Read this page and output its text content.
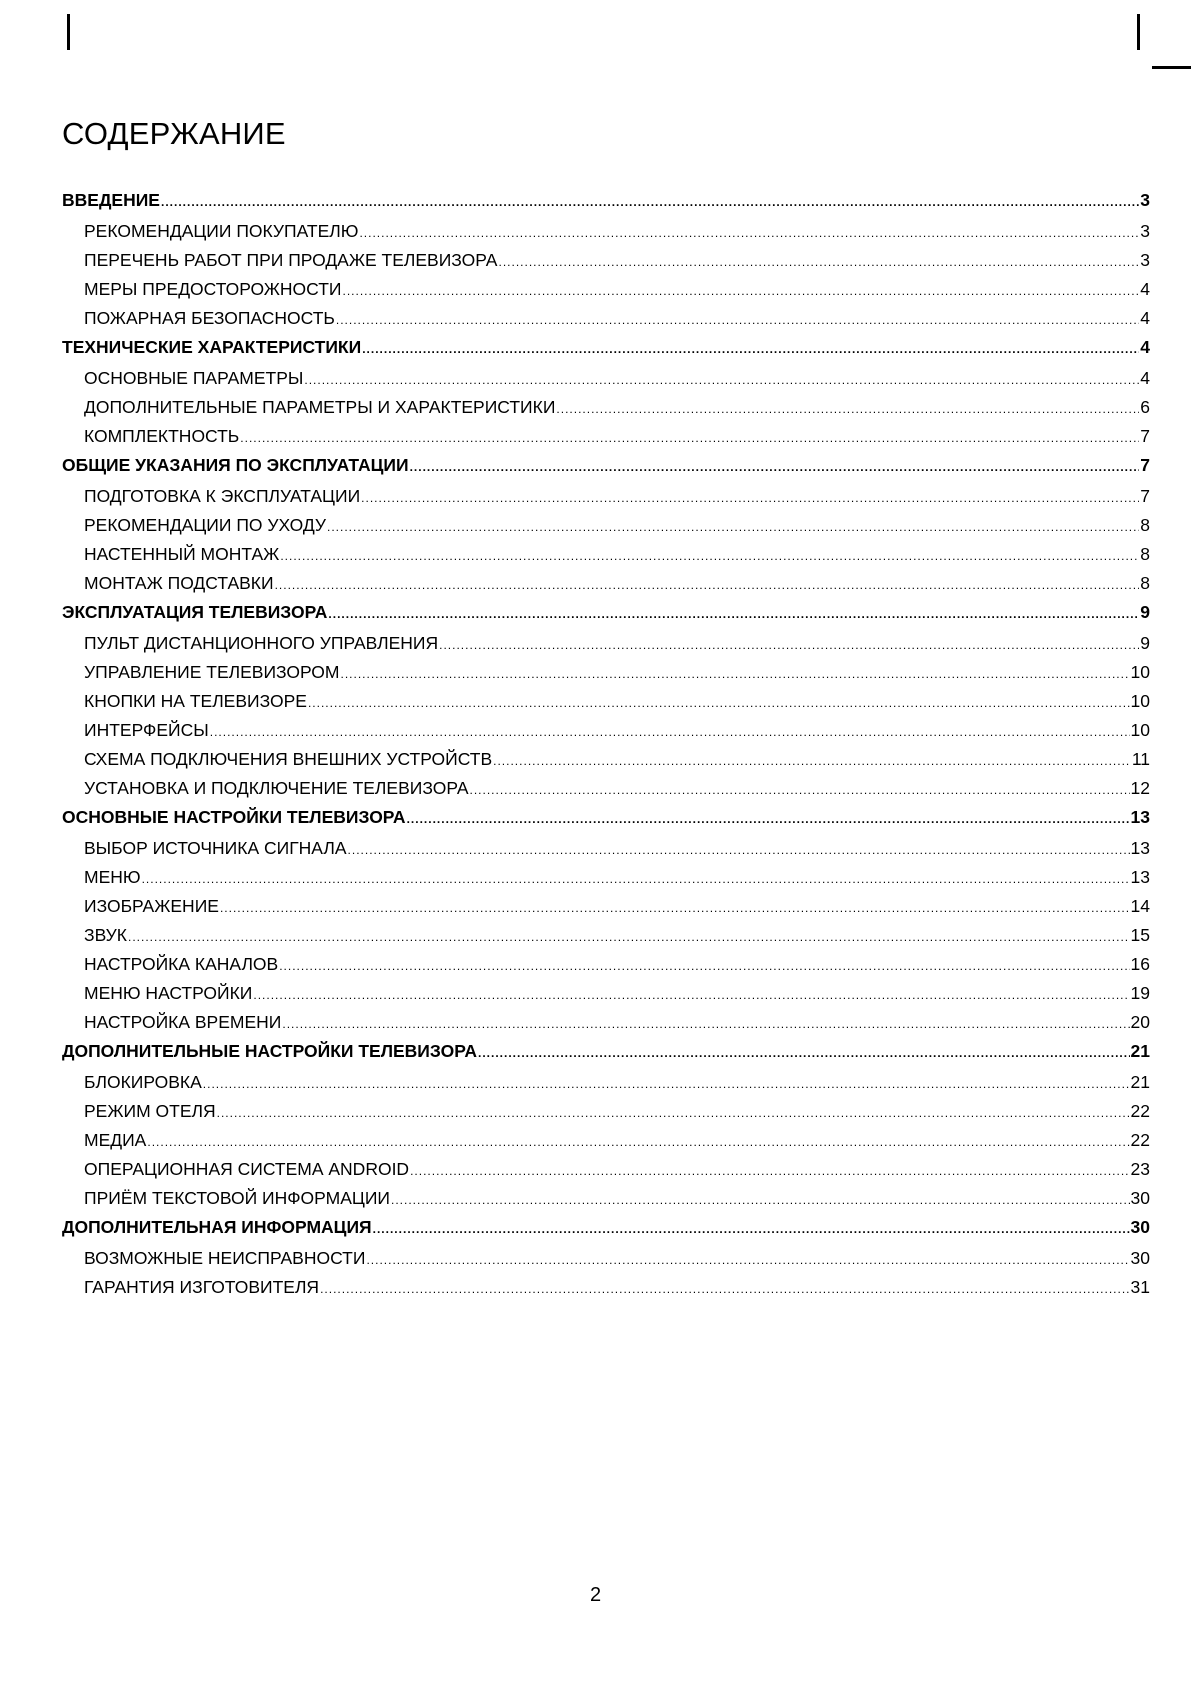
СОДЕРЖАНИЕ
ВВЕДЕНИЕ .....	3
РЕКОМЕНДАЦИИ ПОКУПАТЕЛЮ .....	3
ПЕРЕЧЕНЬ РАБОТ ПРИ ПРОДАЖЕ ТЕЛЕВИЗОРА .....	3
МЕРЫ ПРЕДОСТОРОЖНОСТИ .....	4
ПОЖАРНАЯ БЕЗОПАСНОСТЬ .....	4
ТЕХНИЧЕСКИЕ ХАРАКТЕРИСТИКИ .....	4
ОСНОВНЫЕ ПАРАМЕТРЫ .....	4
ДОПОЛНИТЕЛЬНЫЕ ПАРАМЕТРЫ И ХАРАКТЕРИСТИКИ .....	6
КОМПЛЕКТНОСТЬ .....	7
ОБЩИЕ УКАЗАНИЯ ПО ЭКСПЛУАТАЦИИ .....	7
ПОДГОТОВКА К ЭКСПЛУАТАЦИИ .....	7
РЕКОМЕНДАЦИИ ПО УХОДУ .....	8
НАСТЕННЫЙ МОНТАЖ .....	8
МОНТАЖ ПОДСТАВКИ .....	8
ЭКСПЛУАТАЦИЯ ТЕЛЕВИЗОРА .....	9
ПУЛЬТ ДИСТАНЦИОННОГО УПРАВЛЕНИЯ .....	9
УПРАВЛЕНИЕ ТЕЛЕВИЗОРОМ .....	10
КНОПКИ НА ТЕЛЕВИЗОРЕ .....	10
ИНТЕРФЕЙСЫ .....	10
СХЕМА ПОДКЛЮЧЕНИЯ ВНЕШНИХ УСТРОЙСТВ .....	11
УСТАНОВКА И ПОДКЛЮЧЕНИЕ ТЕЛЕВИЗОРА .....	12
ОСНОВНЫЕ НАСТРОЙКИ ТЕЛЕВИЗОРА .....	13
ВЫБОР ИСТОЧНИКА СИГНАЛА .....	13
МЕНЮ .....	13
ИЗОБРАЖЕНИЕ .....	14
ЗВУК .....	15
НАСТРОЙКА КАНАЛОВ .....	16
МЕНЮ НАСТРОЙКИ .....	19
НАСТРОЙКА ВРЕМЕНИ .....	20
ДОПОЛНИТЕЛЬНЫЕ НАСТРОЙКИ ТЕЛЕВИЗОРА .....	21
БЛОКИРОВКА .....	21
РЕЖИМ ОТЕЛЯ .....	22
МЕДИА .....	22
ОПЕРАЦИОННАЯ СИСТЕМА ANDROID .....	23
ПРИЁМ ТЕКСТОВОЙ ИНФОРМАЦИИ .....	30
ДОПОЛНИТЕЛЬНАЯ ИНФОРМАЦИЯ .....	30
ВОЗМОЖНЫЕ НЕИСПРАВНОСТИ .....	30
ГАРАНТИЯ ИЗГОТОВИТЕЛЯ .....	31
2
